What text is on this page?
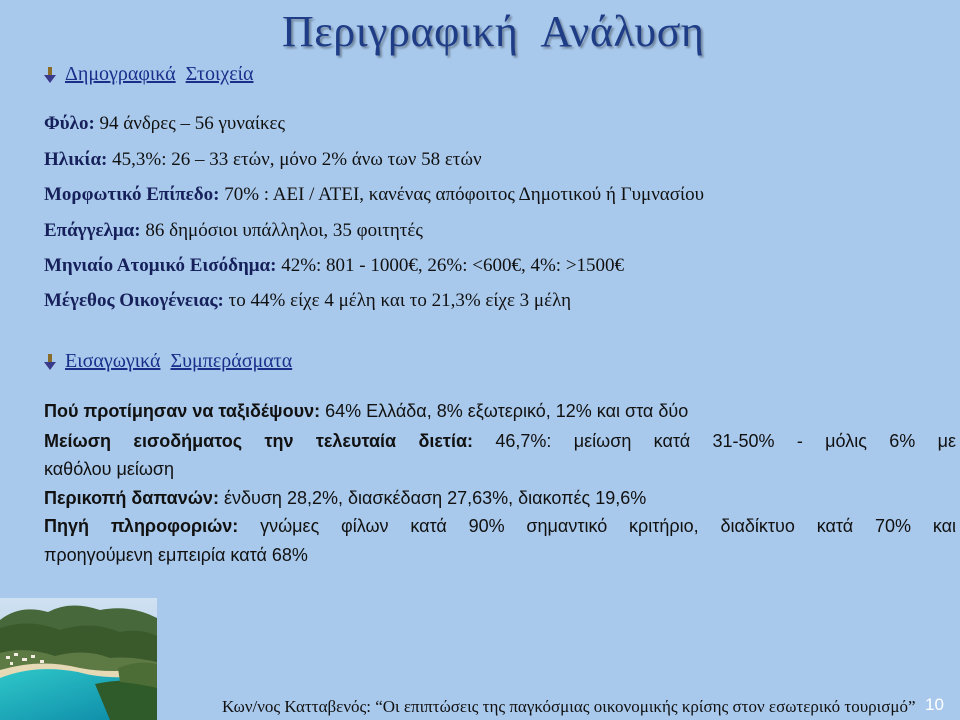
Περιγραφική Ανάλυση
Δημογραφικά Στοιχεία
Φύλο: 94 άνδρες – 56 γυναίκες
Ηλικία: 45,3%: 26 – 33 ετών, μόνο 2% άνω των 58 ετών
Μορφωτικό Επίπεδο: 70% : ΑΕΙ / ΑΤΕΙ, κανένας απόφοιτος Δημοτικού ή Γυμνασίου
Επάγγελμα: 86 δημόσιοι υπάλληλοι, 35 φοιτητές
Μηνιαίο Ατομικό Εισόδημα: 42%: 801 - 1000€, 26%: <600€, 4%: >1500€
Μέγεθος Οικογένειας: το 44% είχε 4 μέλη και το 21,3% είχε 3 μέλη
Εισαγωγικά Συμπεράσματα
Πού προτίμησαν να ταξιδέψουν: 64% Ελλάδα, 8% εξωτερικό, 12% και στα δύο
Μείωση εισοδήματος την τελευταία διετία: 46,7%: μείωση κατά 31-50% - μόλις 6% με
καθόλου μείωση
Περικοπή δαπανών: ένδυση 28,2%, διασκέδαση 27,63%, διακοπές 19,6%
Πηγή πληροφοριών: γνώμες φίλων κατά 90% σημαντικό κριτήριο, διαδίκτυο κατά 70% και
προηγούμενη εμπειρία κατά 68%
Κων/νος Κατταβενός: “Οι επιπτώσεις της παγκόσμιας οικονομικής κρίσης στον εσωτερικό τουρισμό” 10
